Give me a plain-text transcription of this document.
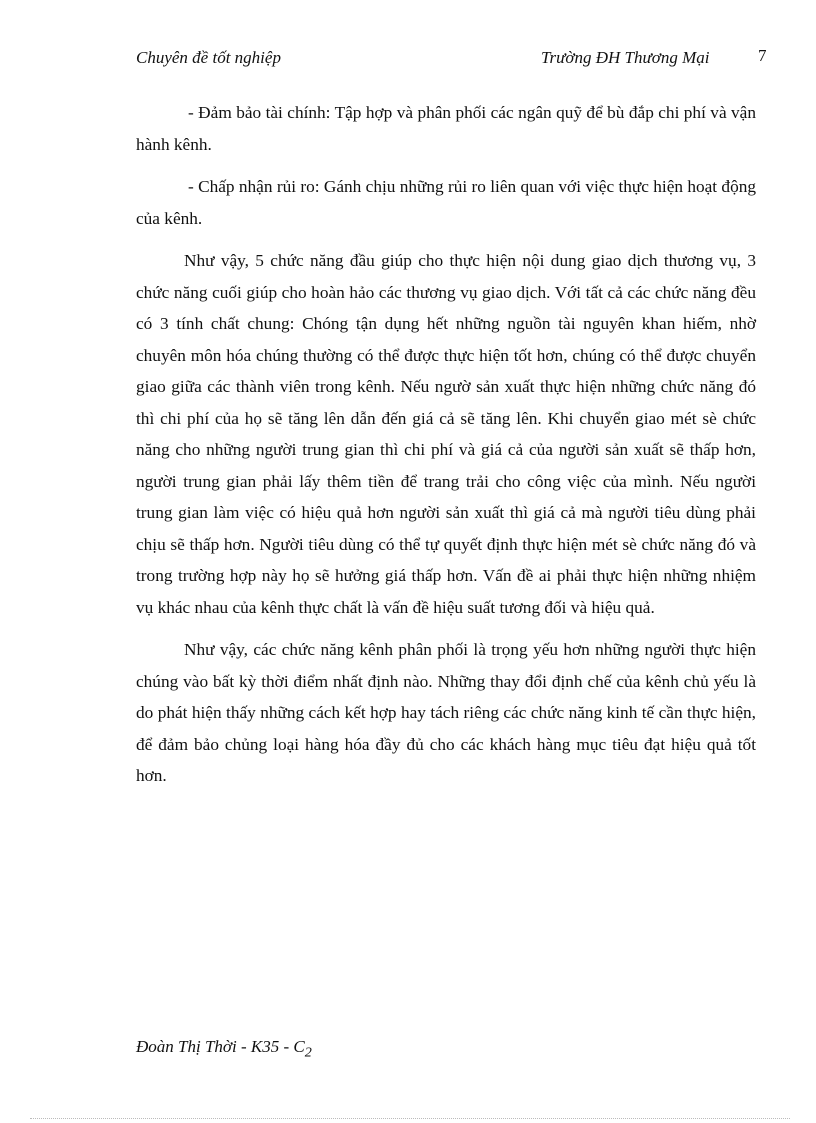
Chuyên đề tốt nghiệp	Trường ĐH Thương Mại	7

- Đảm bảo tài chính: Tập hợp và phân phối các ngân quỹ để bù đắp chi phí và vận hành kênh.

- Chấp nhận rủi ro: Gánh chịu những rủi ro liên quan với việc thực hiện hoạt động của kênh.

Như vậy, 5 chức năng đầu giúp cho thực hiện nội dung giao dịch thương vụ, 3 chức năng cuối giúp cho hoàn hảo các thương vụ giao dịch. Với tất cả các chức năng đều có 3 tính chất chung: Chóng tận dụng hết những nguồn tài nguyên khan hiếm, nhờ chuyên môn hóa chúng thường có thể được thực hiện tốt hơn, chúng có thể được chuyển giao giữa các thành viên trong kênh. Nếu ngườ sản xuất thực hiện những chức năng đó thì chi phí của họ sẽ tăng lên dẫn đến giá cả sẽ tăng lên. Khi chuyển giao mét sè chức năng cho những người trung gian thì chi phí và giá cả của người sản xuất sẽ thấp hơn, người trung gian phải lấy thêm tiền để trang trải cho công việc của mình. Nếu người trung gian làm việc có hiệu quả hơn người sản xuất thì giá cả mà người tiêu dùng phải chịu sẽ thấp hơn. Người tiêu dùng có thể tự quyết định thực hiện mét sè chức năng đó và trong trường hợp này họ sẽ hưởng giá thấp hơn. Vấn đề ai phải thực hiện những nhiệm vụ khác nhau của kênh thực chất là vấn đề hiệu suất tương đối và hiệu quả.

Như vậy, các chức năng kênh phân phối là trọng yếu hơn những người thực hiện chúng vào bất kỳ thời điểm nhất định nào. Những thay đổi định chế của kênh chủ yếu là do phát hiện thấy những cách kết hợp hay tách riêng các chức năng kinh tế cần thực hiện, để đảm bảo chủng loại hàng hóa đầy đủ cho các khách hàng mục tiêu đạt hiệu quả tốt hơn.

Đoàn Thị Thời - $K35 - C_2$
